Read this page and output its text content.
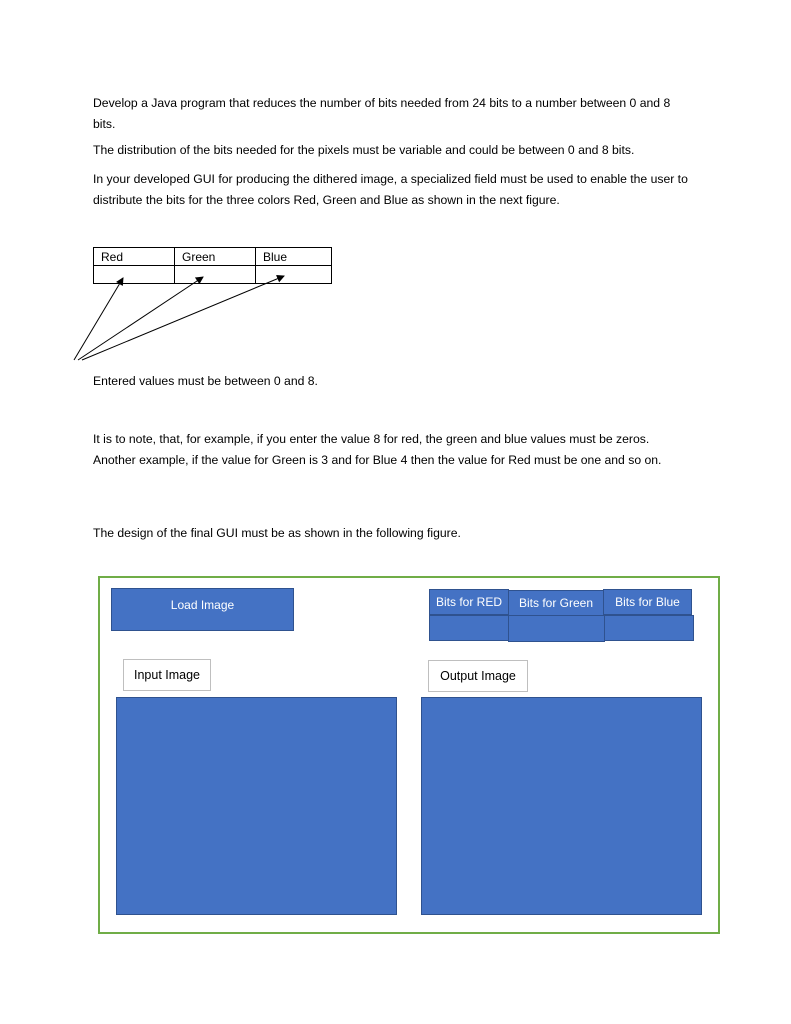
Develop a Java program that reduces the number of bits needed from 24 bits to a number between 0 and 8 bits.

The distribution of the bits needed for the pixels must be variable and could be between 0 and 8 bits.

In your developed GUI for producing the dithered image, a specialized field must be used to enable the user to distribute the bits for the three colors Red, Green and Blue as shown in the next figure.

Red	Green	Blue

Entered values must be between 0 and 8.

It is to note, that, for example, if you enter the value 8 for red, the green and blue values must be zeros. Another example, if the value for Green is 3 and for Blue 4 then the value for Red must be one and so on.

The design of the final GUI must be as shown in the following figure.

Load Image	Bits for RED	Bits for Green	Bits for Blue
Input Image	Output Image
